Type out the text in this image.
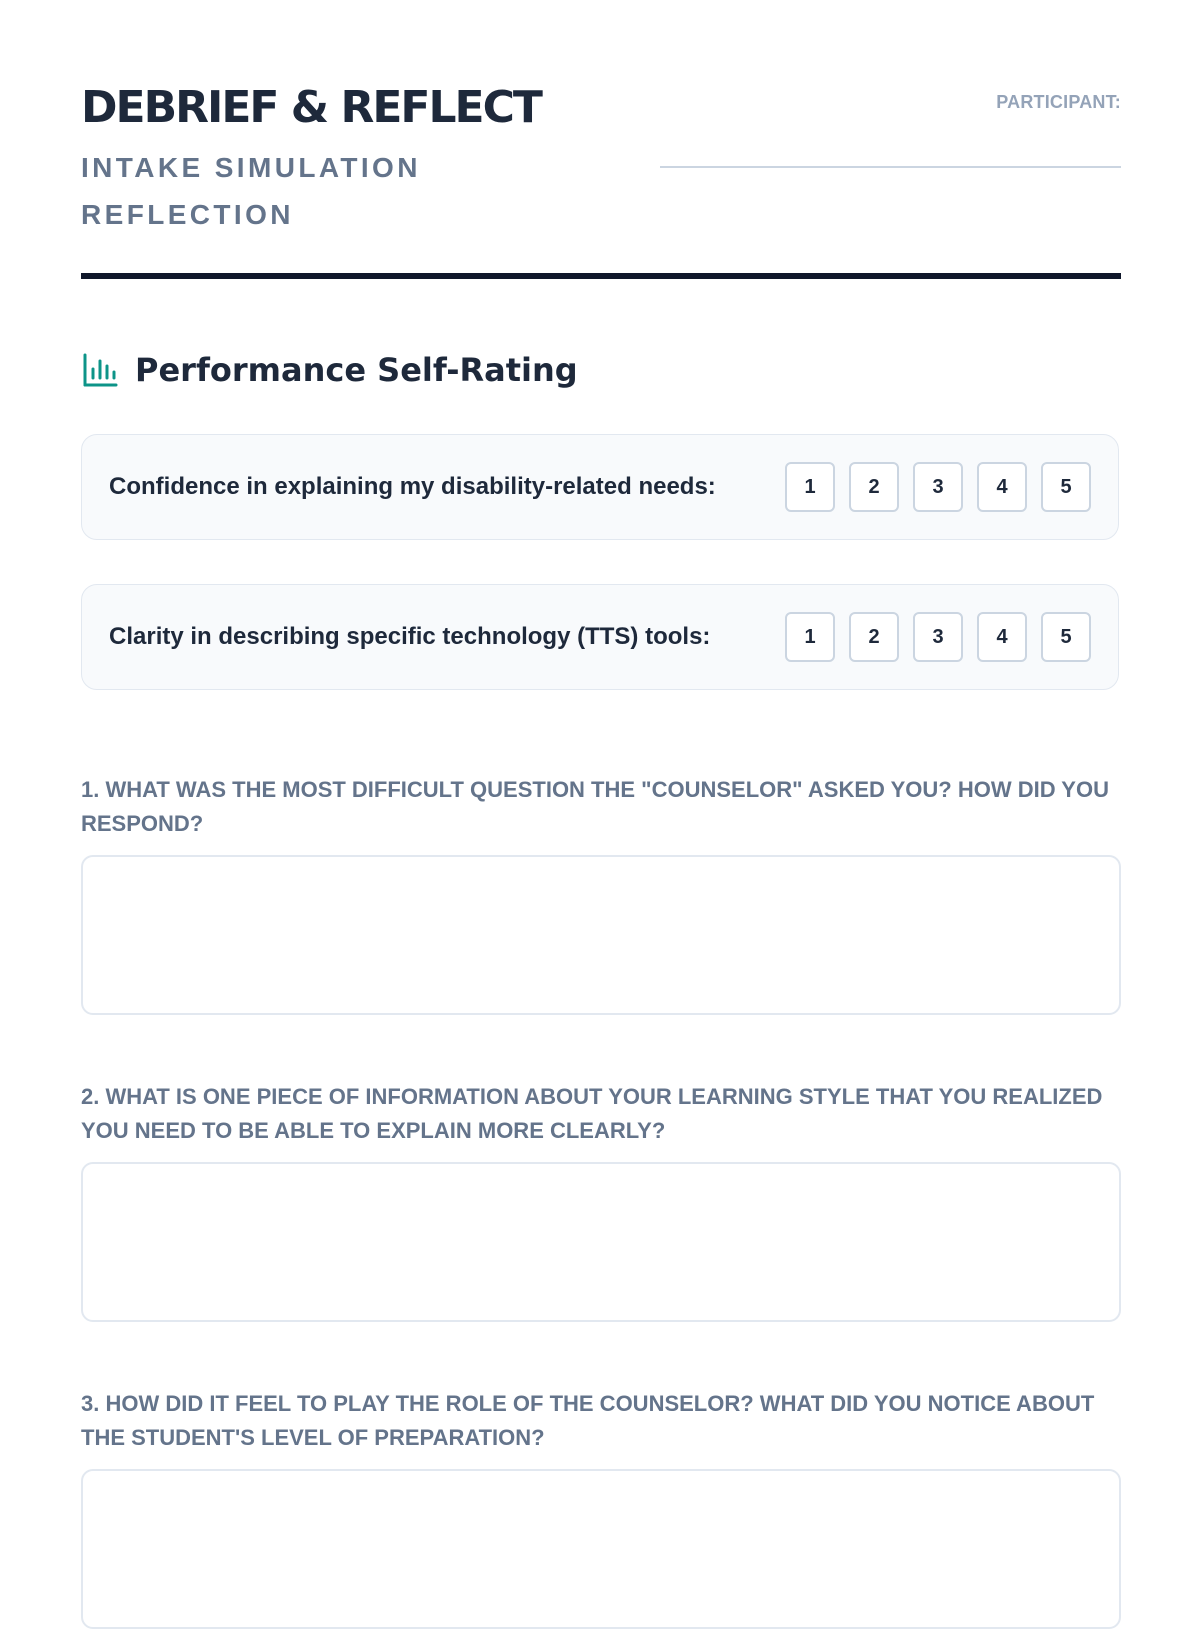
DEBRIEF & REFLECT
INTAKE SIMULATION REFLECTION
PARTICIPANT:
Performance Self-Rating
Confidence in explaining my disability-related needs:	1	2	3	4	5
Clarity in describing specific technology (TTS) tools:	1	2	3	4	5

1. WHAT WAS THE MOST DIFFICULT QUESTION THE "COUNSELOR" ASKED YOU? HOW DID YOU RESPOND?

2. WHAT IS ONE PIECE OF INFORMATION ABOUT YOUR LEARNING STYLE THAT YOU REALIZED YOU NEED TO BE ABLE TO EXPLAIN MORE CLEARLY?

3. HOW DID IT FEEL TO PLAY THE ROLE OF THE COUNSELOR? WHAT DID YOU NOTICE ABOUT THE STUDENT'S LEVEL OF PREPARATION?
